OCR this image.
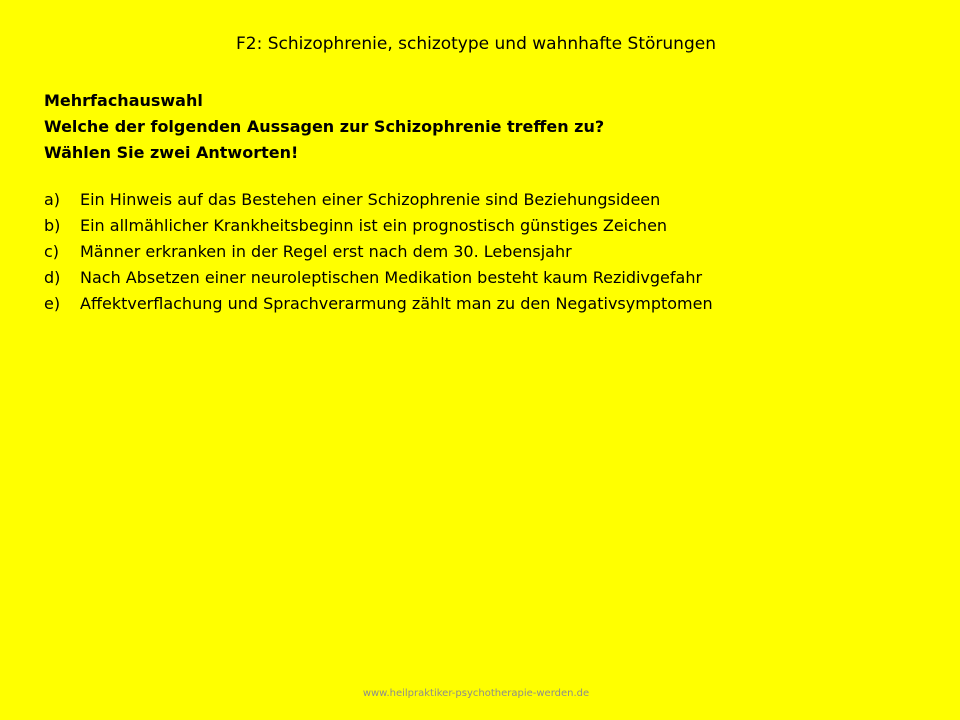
F2: Schizophrenie, schizotype und wahnhafte Störungen
Mehrfachauswahl
Welche der folgenden Aussagen zur Schizophrenie treffen zu?
Wählen Sie zwei Antworten!
a)	Ein Hinweis auf das Bestehen einer Schizophrenie sind Beziehungsideen
b)	Ein allmählicher Krankheitsbeginn ist ein prognostisch günstiges Zeichen
c)	Männer erkranken in der Regel erst nach dem 30. Lebensjahr
d)	Nach Absetzen einer neuroleptischen Medikation besteht kaum Rezidivgefahr
e)	Affektverflachung und Sprachverarmung zählt man zu den Negativsymptomen
www.heilpraktiker-psychotherapie-werden.de
